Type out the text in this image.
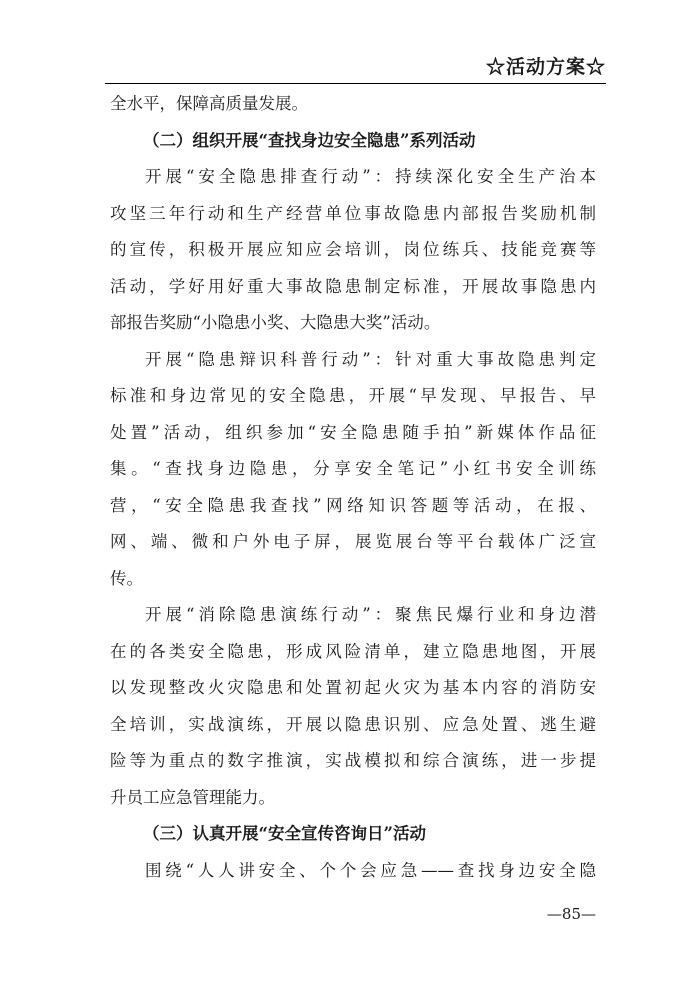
☆活动方案☆
全水平，保障高质量发展。
（二）组织开展“查找身边安全隐患”系列活动
开展“安全隐患排查行动”：持续深化安全生产治本
攻坚三年行动和生产经营单位事故隐患内部报告奖励机制
的宣传，积极开展应知应会培训，岗位练兵、技能竞赛等
活动，学好用好重大事故隐患制定标准，开展故事隐患内
部报告奖励“小隐患小奖、大隐患大奖”活动。
开展“隐患辩识科普行动”：针对重大事故隐患判定
标准和身边常见的安全隐患，开展“早发现、早报告、早
处置”活动，组织参加“安全隐患随手拍”新媒体作品征
集。“查找身边隐患，分享安全笔记”小红书安全训练
营，“安全隐患我查找”网络知识答题等活动，在报、
网、端、微和户外电子屏，展览展台等平台载体广泛宣
传。
开展“消除隐患演练行动”：聚焦民爆行业和身边潜
在的各类安全隐患，形成风险清单，建立隐患地图，开展
以发现整改火灾隐患和处置初起火灾为基本内容的消防安
全培训，实战演练，开展以隐患识别、应急处置、逃生避
险等为重点的数字推演，实战模拟和综合演练，进一步提
升员工应急管理能力。
（三）认真开展“安全宣传咨询日”活动
围绕“人人讲安全、个个会应急——查找身边安全隐
—85—
